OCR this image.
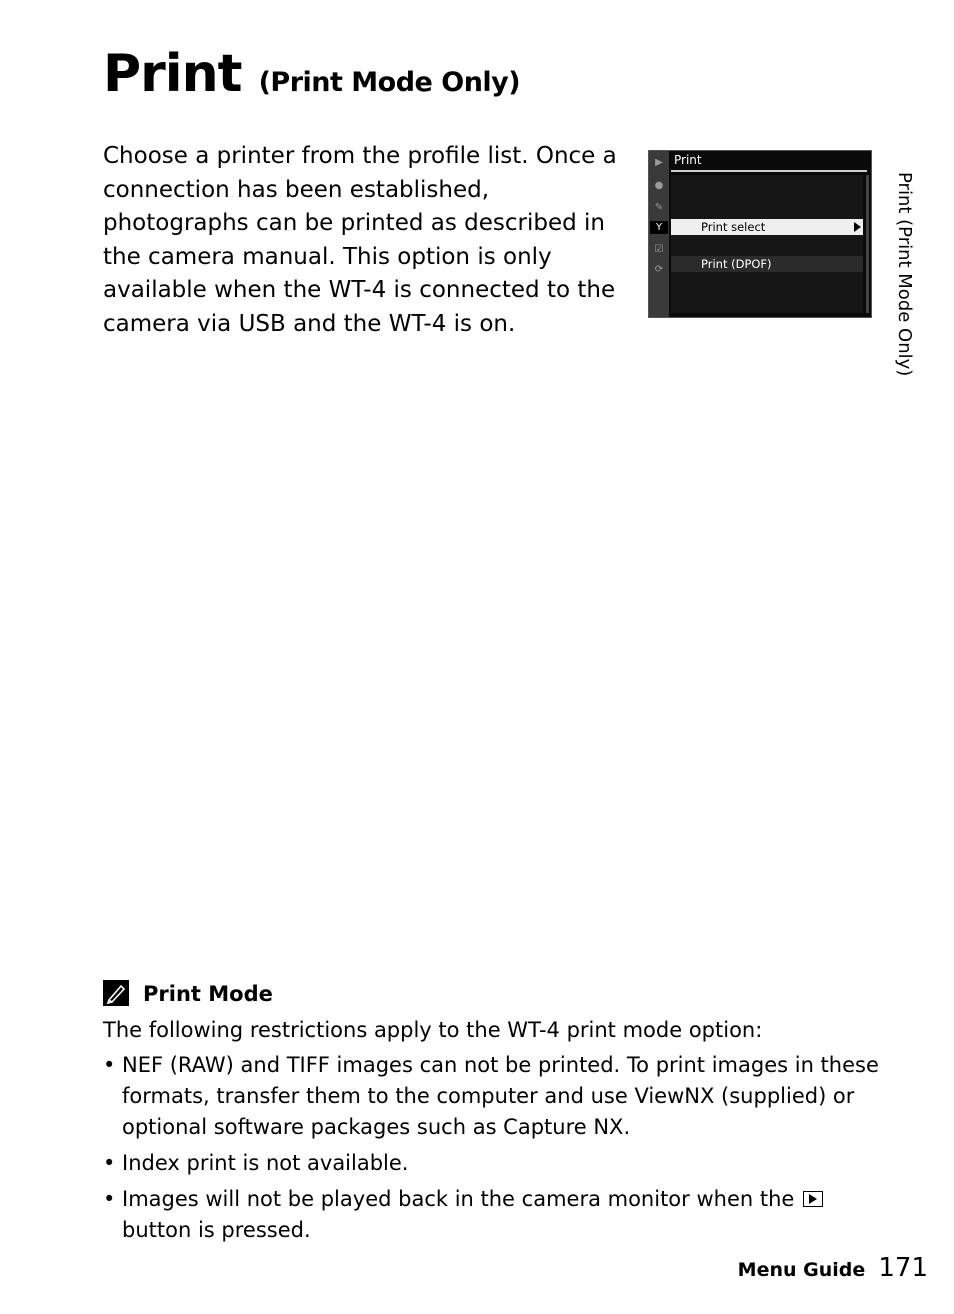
Print (Print Mode Only)

Choose a printer from the profile list. Once a connection has been established, photographs can be printed as described in the camera manual. This option is only available when the WT-4 is connected to the camera via USB and the WT-4 is on.	Print (Print Mode Only)
▶
●
✎
Y
☑
⟳
Print
Print select
Print (DPOF)
Print Mode

The following restrictions apply to the WT-4 print mode option:

• NEF (RAW) and TIFF images can not be printed. To print images in these formats, transfer them to the computer and use ViewNX (supplied) or optional software packages such as Capture NX.
• Index print is not available.
• Images will not be played back in the camera monitor when the
button is pressed.
Menu Guide 171
